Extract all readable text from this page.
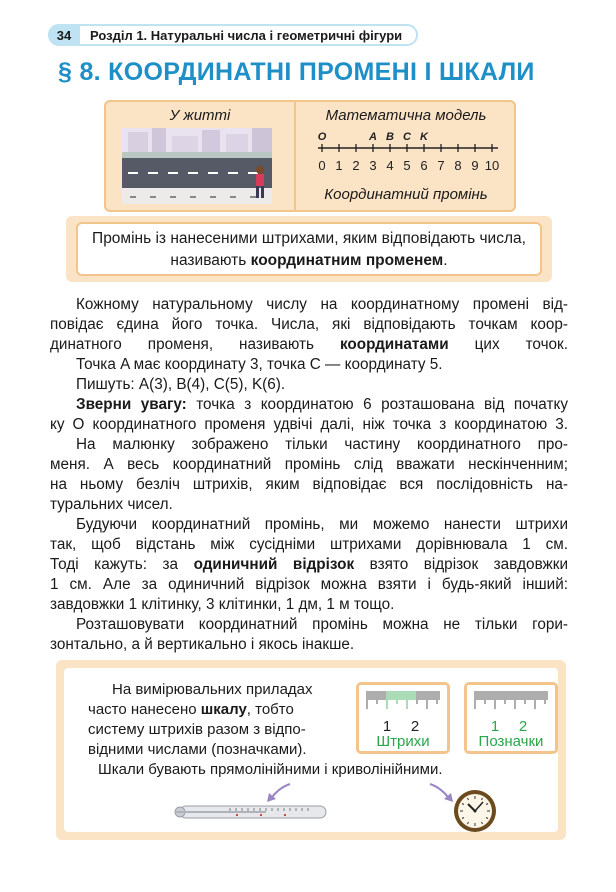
34	Розділ 1. Натуральні числа і геометричні фігури
§ 8. КООРДИНАТНІ ПРОМЕНІ І ШКАЛИ
У житті	Математична модель
O	A B C K
0 1 2 3 4 5 6 7 8 9 10
Координатний промінь
Промінь із нанесеними штрихами, яким відповідають числа, називають координатним променем.
Кожному натуральному числу на координатному промені від-
повідає єдина його точка. Числа, які відповідають точкам коор-
динатного променя, називають координатами цих точок.
Точка A має координату 3, точка C — координату 5.
Пишуть: A(3), B(4), C(5), K(6).
Зверни увагу: точка з координатою 6 розташована від початку
ку О координатного променя удвічі далі, ніж точка з координатою 3.
На малюнку зображено тільки частину координатного про-
меня. А весь координатний промінь слід вважати нескінченним;
на ньому безліч штрихів, яким відповідає вся послідовність на-
туральних чисел.
Будуючи координатний промінь, ми можемо нанести штрихи
так, щоб відстань між сусідніми штрихами дорівнювала 1 см.
Тоді кажуть: за одиничний відрізок взято відрізок завдовжки
1 см. Але за одиничний відрізок можна взяти і будь-який інший:
завдовжки 1 клітинку, 3 клітинки, 1 дм, 1 м тощо.
Розташовувати координатний промінь можна не тільки гори-
зонтально, а й вертикально і якось інакше.
На вимірювальних приладах
часто нанесено шкалу, тобто
систему штрихів разом з відпо-
відними числами (позначками).
Шкали бувають прямолінійними і криволінійними.
1 2
Штрихи
1 2
Позначки
